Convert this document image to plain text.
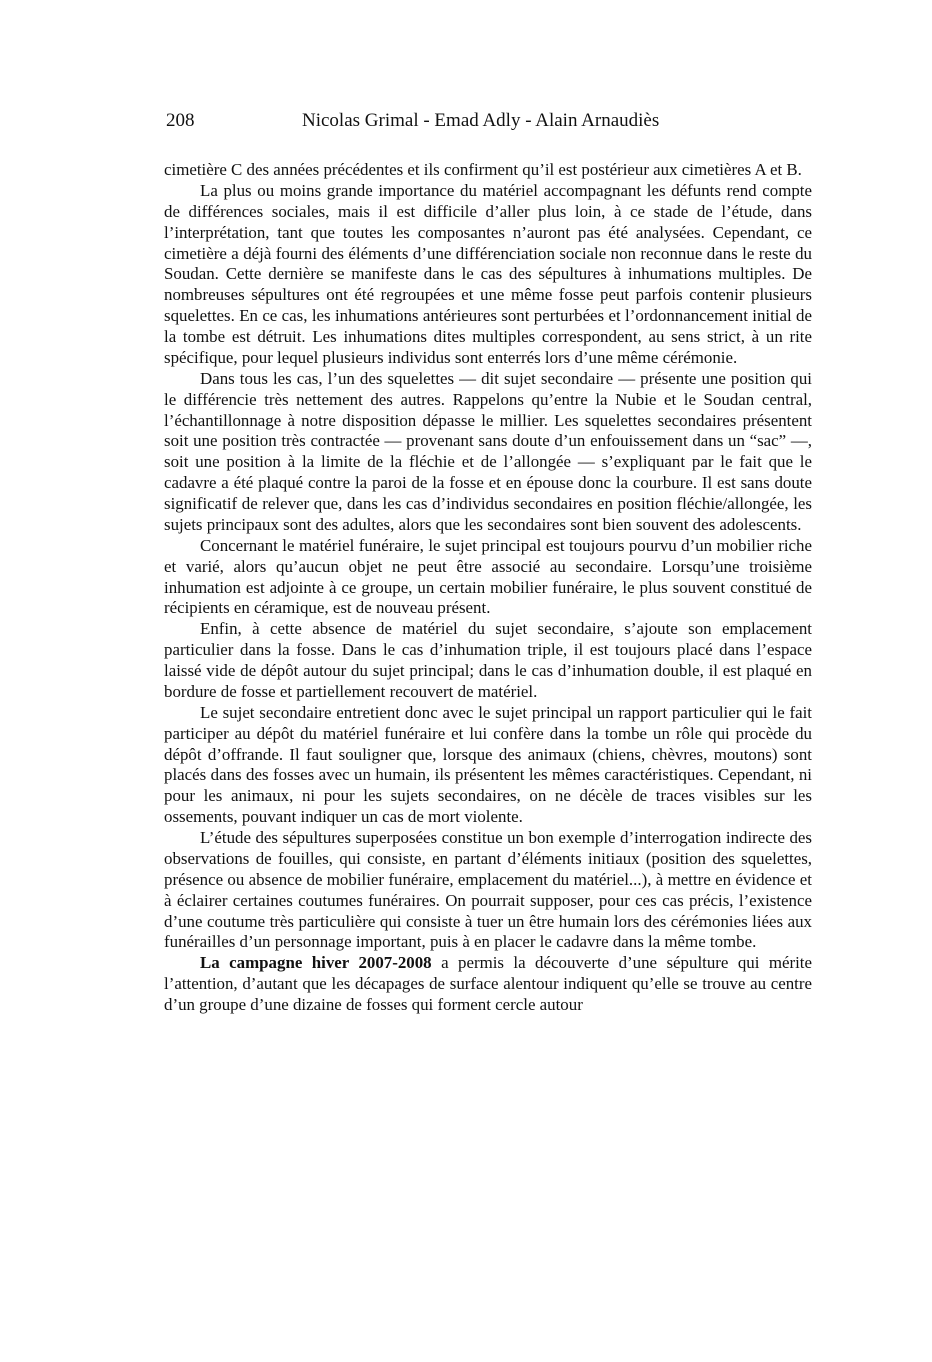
208	Nicolas Grimal - Emad Adly - Alain Arnaudiès

cimetière C des années précédentes et ils confirment qu’il est postérieur aux cimetières A et B.

La plus ou moins grande importance du matériel accompagnant les défunts rend compte de différences sociales, mais il est difficile d’aller plus loin, à ce stade de l’étude, dans l’interprétation, tant que toutes les composantes n’auront pas été analysées. Cependant, ce cimetière a déjà fourni des éléments d’une différenciation sociale non reconnue dans le reste du Soudan. Cette dernière se manifeste dans le cas des sépultures à inhumations multiples. De nombreuses sépultures ont été regroupées et une même fosse peut parfois contenir plusieurs squelettes. En ce cas, les inhumations antérieures sont perturbées et l’ordonnancement initial de la tombe est détruit. Les inhumations dites multiples correspondent, au sens strict, à un rite spécifique, pour lequel plusieurs individus sont enterrés lors d’une même cérémonie.

Dans tous les cas, l’un des squelettes — dit sujet secondaire — présente une position qui le différencie très nettement des autres. Rappelons qu’entre la Nubie et le Soudan central, l’échantillonnage à notre disposition dépasse le millier. Les squelettes secondaires présentent soit une position très contractée — provenant sans doute d’un enfouissement dans un “sac” —, soit une position à la limite de la fléchie et de l’allongée — s’expliquant par le fait que le cadavre a été plaqué contre la paroi de la fosse et en épouse donc la courbure. Il est sans doute significatif de relever que, dans les cas d’individus secondaires en position fléchie/allongée, les sujets principaux sont des adultes, alors que les secondaires sont bien souvent des adolescents.

Concernant le matériel funéraire, le sujet principal est toujours pourvu d’un mobilier riche et varié, alors qu’aucun objet ne peut être associé au secondaire. Lorsqu’une troisième inhumation est adjointe à ce groupe, un certain mobilier funéraire, le plus souvent constitué de récipients en céramique, est de nouveau présent.

Enfin, à cette absence de matériel du sujet secondaire, s’ajoute son emplacement particulier dans la fosse. Dans le cas d’inhumation triple, il est toujours placé dans l’espace laissé vide de dépôt autour du sujet principal; dans le cas d’inhumation double, il est plaqué en bordure de fosse et partiellement recouvert de matériel.

Le sujet secondaire entretient donc avec le sujet principal un rapport particulier qui le fait participer au dépôt du matériel funéraire et lui confère dans la tombe un rôle qui procède du dépôt d’offrande. Il faut souligner que, lorsque des animaux (chiens, chèvres, moutons) sont placés dans des fosses avec un humain, ils présentent les mêmes caractéristiques. Cependant, ni pour les animaux, ni pour les sujets secondaires, on ne décèle de traces visibles sur les ossements, pouvant indiquer un cas de mort violente.

L’étude des sépultures superposées constitue un bon exemple d’interrogation indirecte des observations de fouilles, qui consiste, en partant d’éléments initiaux (position des squelettes, présence ou absence de mobilier funéraire, emplacement du matériel...), à mettre en évidence et à éclairer certaines coutumes funéraires. On pourrait supposer, pour ces cas précis, l’existence d’une coutume très particulière qui consiste à tuer un être humain lors des cérémonies liées aux funérailles d’un personnage important, puis à en placer le cadavre dans la même tombe.

La campagne hiver 2007-2008 a permis la découverte d’une sépulture qui mérite l’attention, d’autant que les décapages de surface alentour indiquent qu’elle se trouve au centre d’un groupe d’une dizaine de fosses qui forment cercle autour
